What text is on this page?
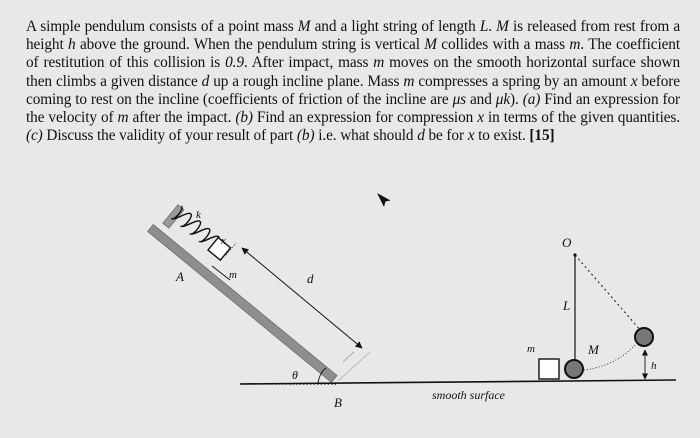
A simple pendulum consists of a point mass M and a light string of length L. M is released from rest from a height h above the ground. When the pendulum string is vertical M collides with a mass m. The coefficient of restitution of this collision is 0.9. After impact, mass m moves on the smooth horizontal surface shown then climbs a given distance d up a rough incline plane. Mass m compresses a spring by an amount x before coming to rest on the incline (coefficients of friction of the incline are μs and μk). (a) Find an expression for the velocity of m after the impact. (b) Find an expression for compression x in terms of the given quantities. (c) Discuss the validity of your result of part (b) i.e. what should d be for x to exist. [15]

k
x
A	m	d
θ
B	smooth surface
O
L
m	M
h
